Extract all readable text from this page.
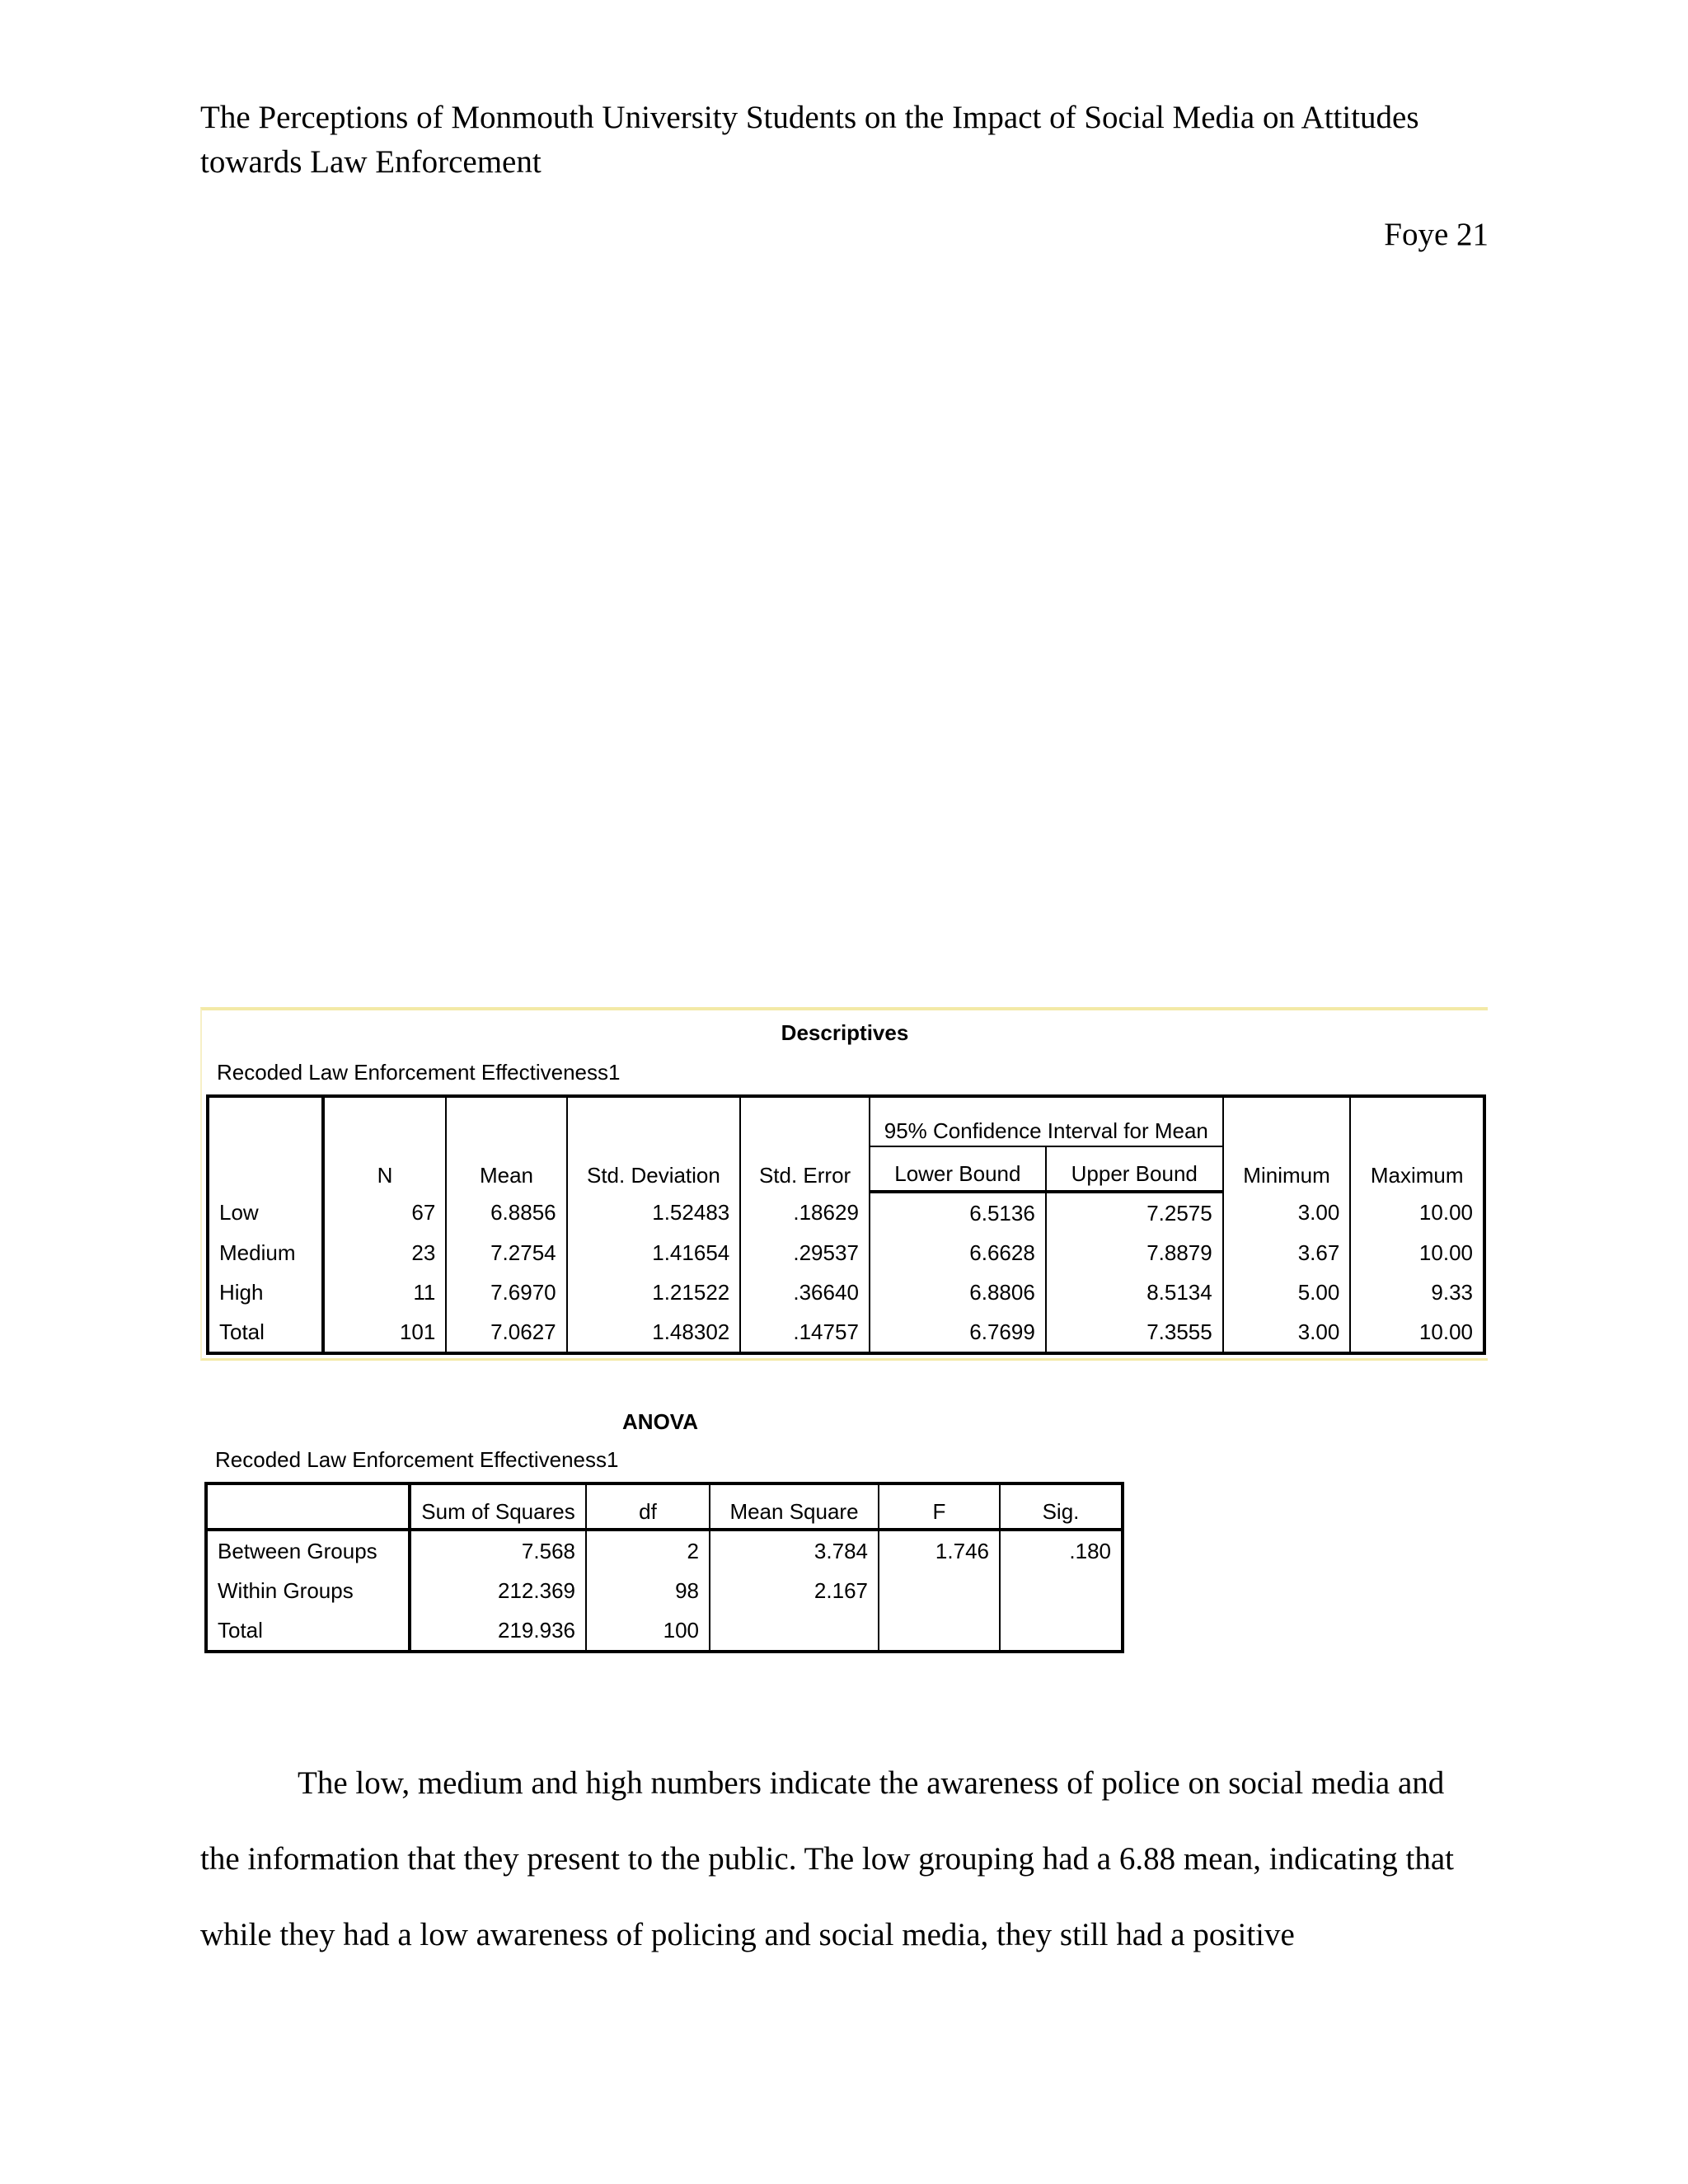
The Perceptions of Monmouth University Students on the Impact of Social Media on Attitudes towards Law Enforcement
Foye 21
Descriptives
Recoded Law Enforcement Effectiveness1
	N	Mean	Std. Deviation	Std. Error	95% Confidence Interval for Mean		Minimum	Maximum
					Lower Bound	Upper Bound		
Low	67	6.8856	1.52483	.18629	6.5136	7.2575	3.00	10.00
Medium	23	7.2754	1.41654	.29537	6.6628	7.8879	3.67	10.00
High	11	7.6970	1.21522	.36640	6.8806	8.5134	5.00	9.33
Total	101	7.0627	1.48302	.14757	6.7699	7.3555	3.00	10.00
ANOVA
Recoded Law Enforcement Effectiveness1
	Sum of Squares	df	Mean Square	F	Sig.
Between Groups	7.568	2	3.784	1.746	.180
Within Groups	212.369	98	2.167		
Total	219.936	100			

The low, medium and high numbers indicate the awareness of police on social media and the information that they present to the public. The low grouping had a 6.88 mean, indicating that while they had a low awareness of policing and social media, they still had a positive
